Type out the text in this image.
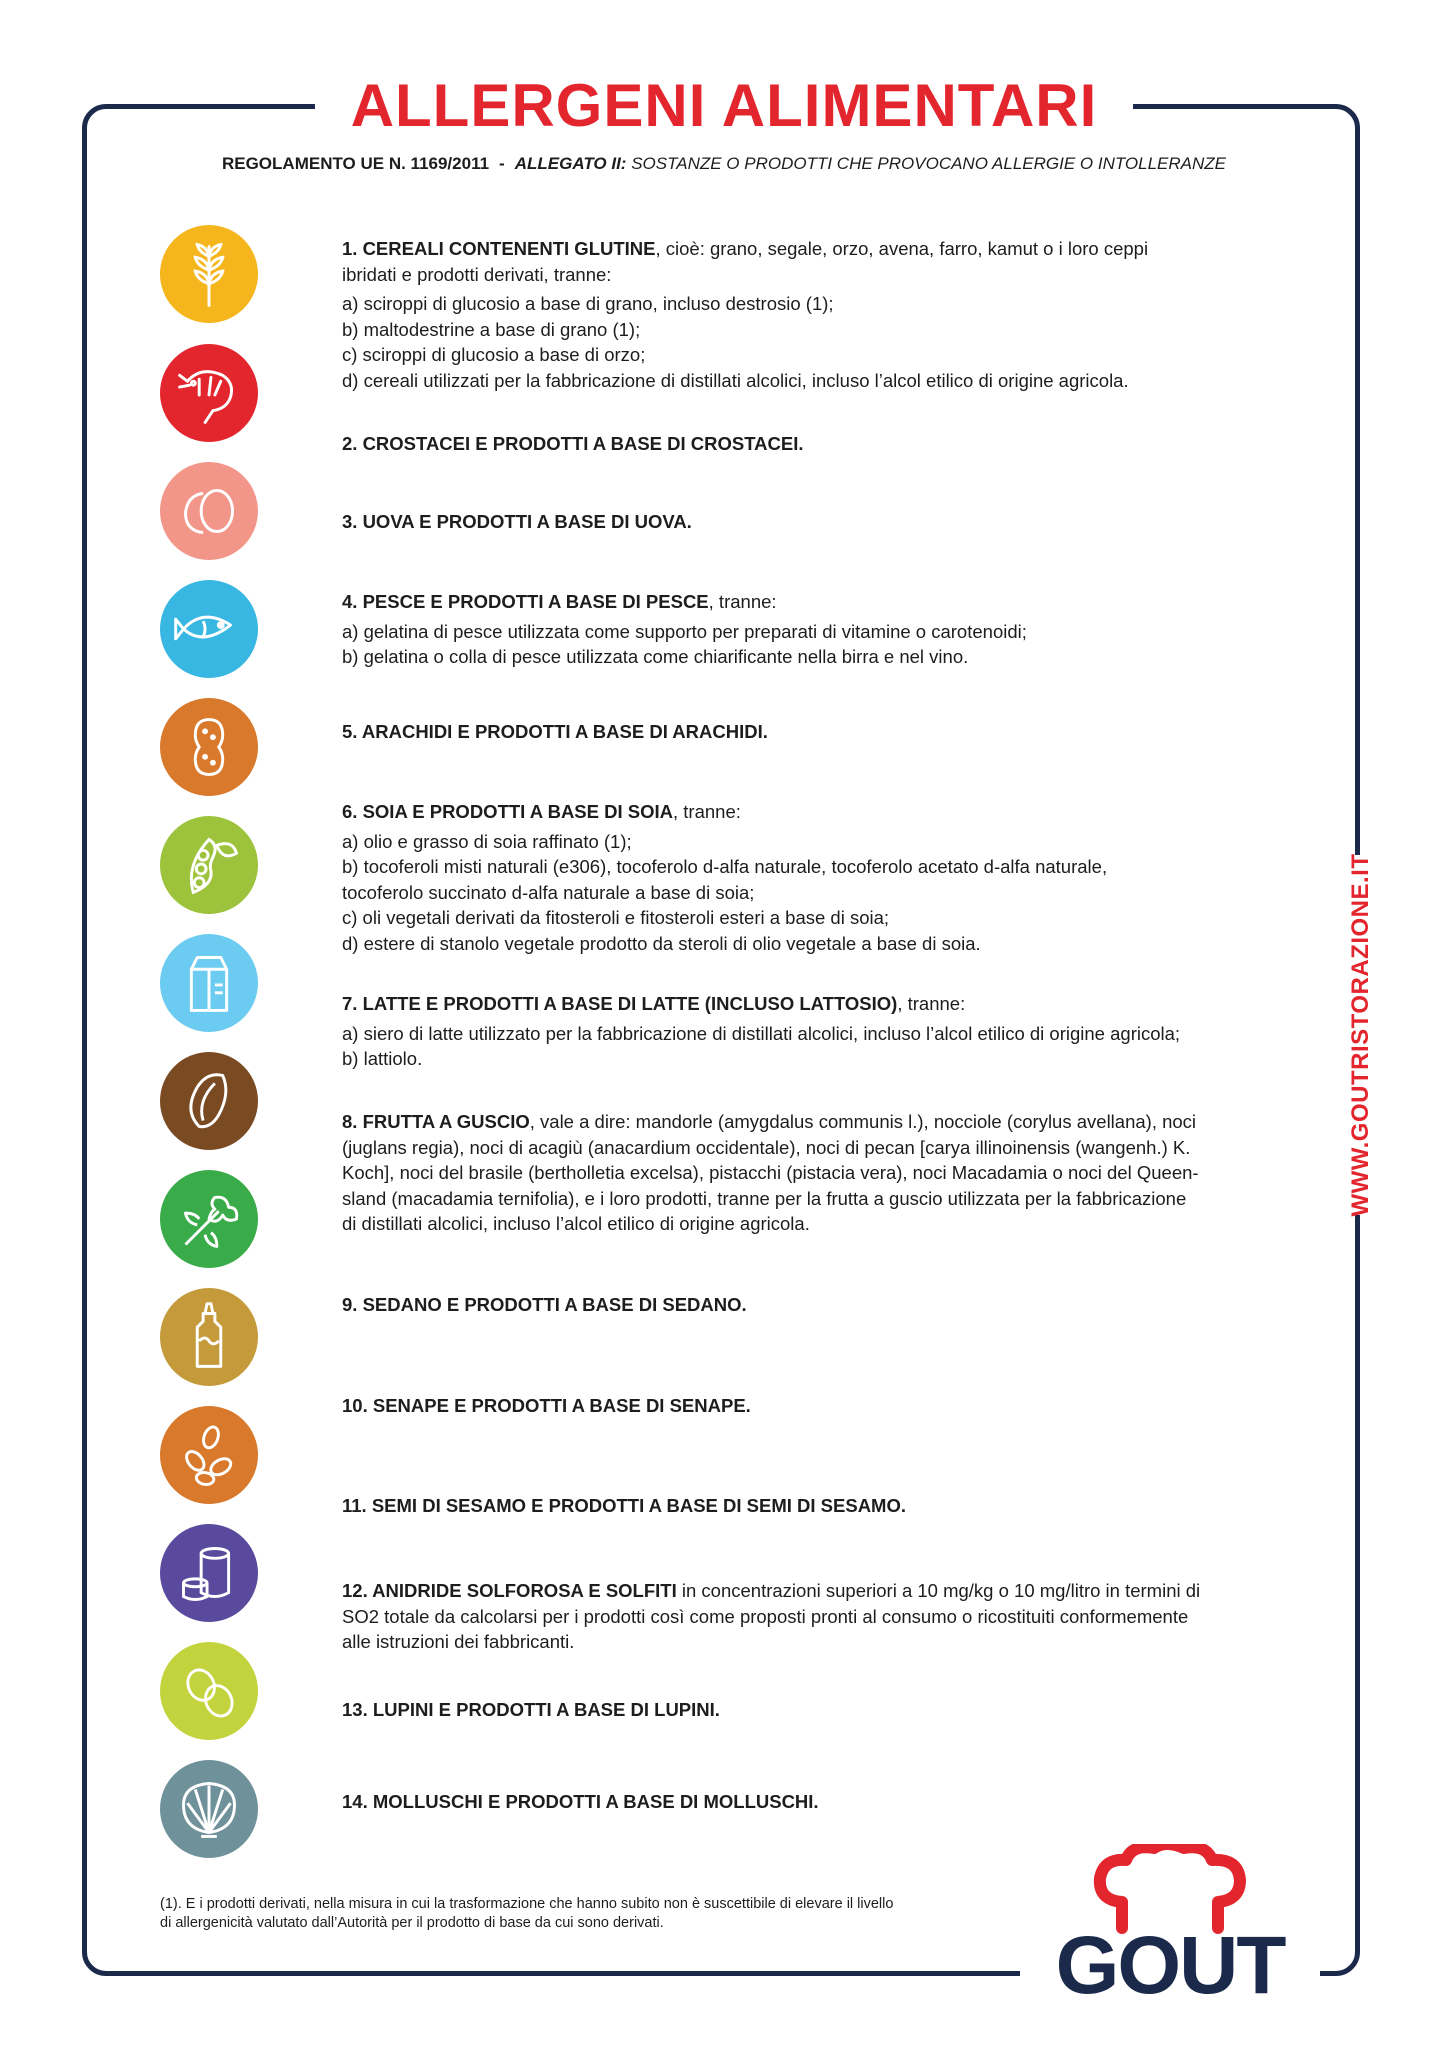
ALLERGENI ALIMENTARI
REGOLAMENTO UE N. 1169/2011 - ALLEGATO II: SOSTANZE O PRODOTTI CHE PROVOCANO ALLERGIE O INTOLLERANZE
1. CEREALI CONTENENTI GLUTINE, cioè: grano, segale, orzo, avena, farro, kamut o i loro ceppi
ibridati e prodotti derivati, tranne:
a) sciroppi di glucosio a base di grano, incluso destrosio (1);
b) maltodestrine a base di grano (1);
c) sciroppi di glucosio a base di orzo;
d) cereali utilizzati per la fabbricazione di distillati alcolici, incluso l’alcol etilico di origine agricola.
2. CROSTACEI E PRODOTTI A BASE DI CROSTACEI.
3. UOVA E PRODOTTI A BASE DI UOVA.
4. PESCE E PRODOTTI A BASE DI PESCE, tranne:
a) gelatina di pesce utilizzata come supporto per preparati di vitamine o carotenoidi;
b) gelatina o colla di pesce utilizzata come chiarificante nella birra e nel vino.
5. ARACHIDI E PRODOTTI A BASE DI ARACHIDI.
6. SOIA E PRODOTTI A BASE DI SOIA, tranne:
a) olio e grasso di soia raffinato (1);
b) tocoferoli misti naturali (e306), tocoferolo d-alfa naturale, tocoferolo acetato d-alfa naturale,
tocoferolo succinato d-alfa naturale a base di soia;
c) oli vegetali derivati da fitosteroli e fitosteroli esteri a base di soia;
d) estere di stanolo vegetale prodotto da steroli di olio vegetale a base di soia.
7. LATTE E PRODOTTI A BASE DI LATTE (INCLUSO LATTOSIO), tranne:
a) siero di latte utilizzato per la fabbricazione di distillati alcolici, incluso l’alcol etilico di origine agricola;
b) lattiolo.
8. FRUTTA A GUSCIO, vale a dire: mandorle (amygdalus communis l.), nocciole (corylus avellana), noci
(juglans regia), noci di acagiù (anacardium occidentale), noci di pecan [carya illinoinensis (wangenh.) K.
Koch], noci del brasile (bertholletia excelsa), pistacchi (pistacia vera), noci Macadamia o noci del Queen-
sland (macadamia ternifolia), e i loro prodotti, tranne per la frutta a guscio utilizzata per la fabbricazione
di distillati alcolici, incluso l’alcol etilico di origine agricola.
9. SEDANO E PRODOTTI A BASE DI SEDANO.
10. SENAPE E PRODOTTI A BASE DI SENAPE.
11. SEMI DI SESAMO E PRODOTTI A BASE DI SEMI DI SESAMO.
12. ANIDRIDE SOLFOROSA E SOLFITI in concentrazioni superiori a 10 mg/kg o 10 mg/litro in termini di
SO2 totale da calcolarsi per i prodotti così come proposti pronti al consumo o ricostituiti conformemente
alle istruzioni dei fabbricanti.
13. LUPINI E PRODOTTI A BASE DI LUPINI.
14. MOLLUSCHI E PRODOTTI A BASE DI MOLLUSCHI.
WWW.GOUTRISTORAZIONE.IT
(1). E i prodotti derivati, nella misura in cui la trasformazione che hanno subito non è suscettibile di elevare il livello
di allergenicità valutato dall’Autorità per il prodotto di base da cui sono derivati.	GOUT
